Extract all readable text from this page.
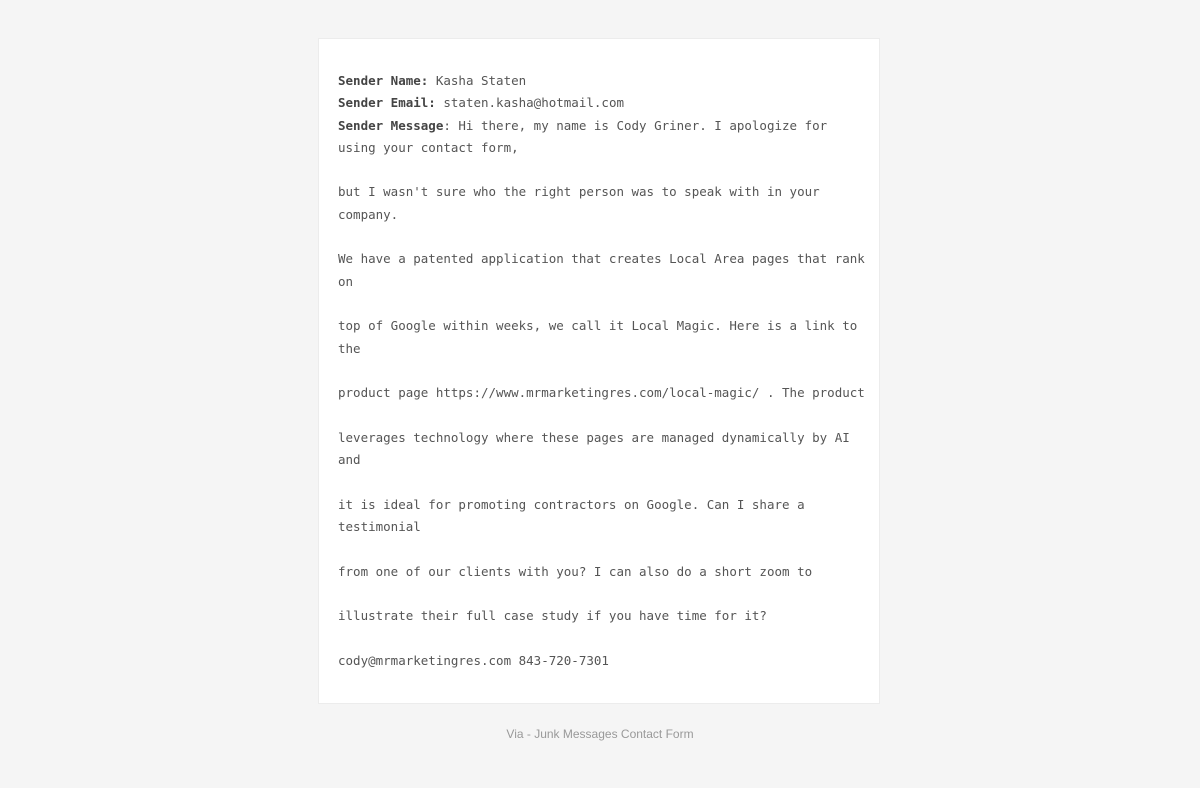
Sender Name: Kasha Staten

Sender Email: staten.kasha@hotmail.com

Sender Message: Hi there, my name is Cody Griner. I apologize for using your contact form,

but I wasn't sure who the right person was to speak with in your company.

We have a patented application that creates Local Area pages that rank on

top of Google within weeks, we call it Local Magic. Here is a link to the

product page https://www.mrmarketingres.com/local-magic/ . The product

leverages technology where these pages are managed dynamically by AI and

it is ideal for promoting contractors on Google. Can I share a testimonial

from one of our clients with you? I can also do a short zoom to

illustrate their full case study if you have time for it?

cody@mrmarketingres.com 843-720-7301

Via - Junk Messages Contact Form
